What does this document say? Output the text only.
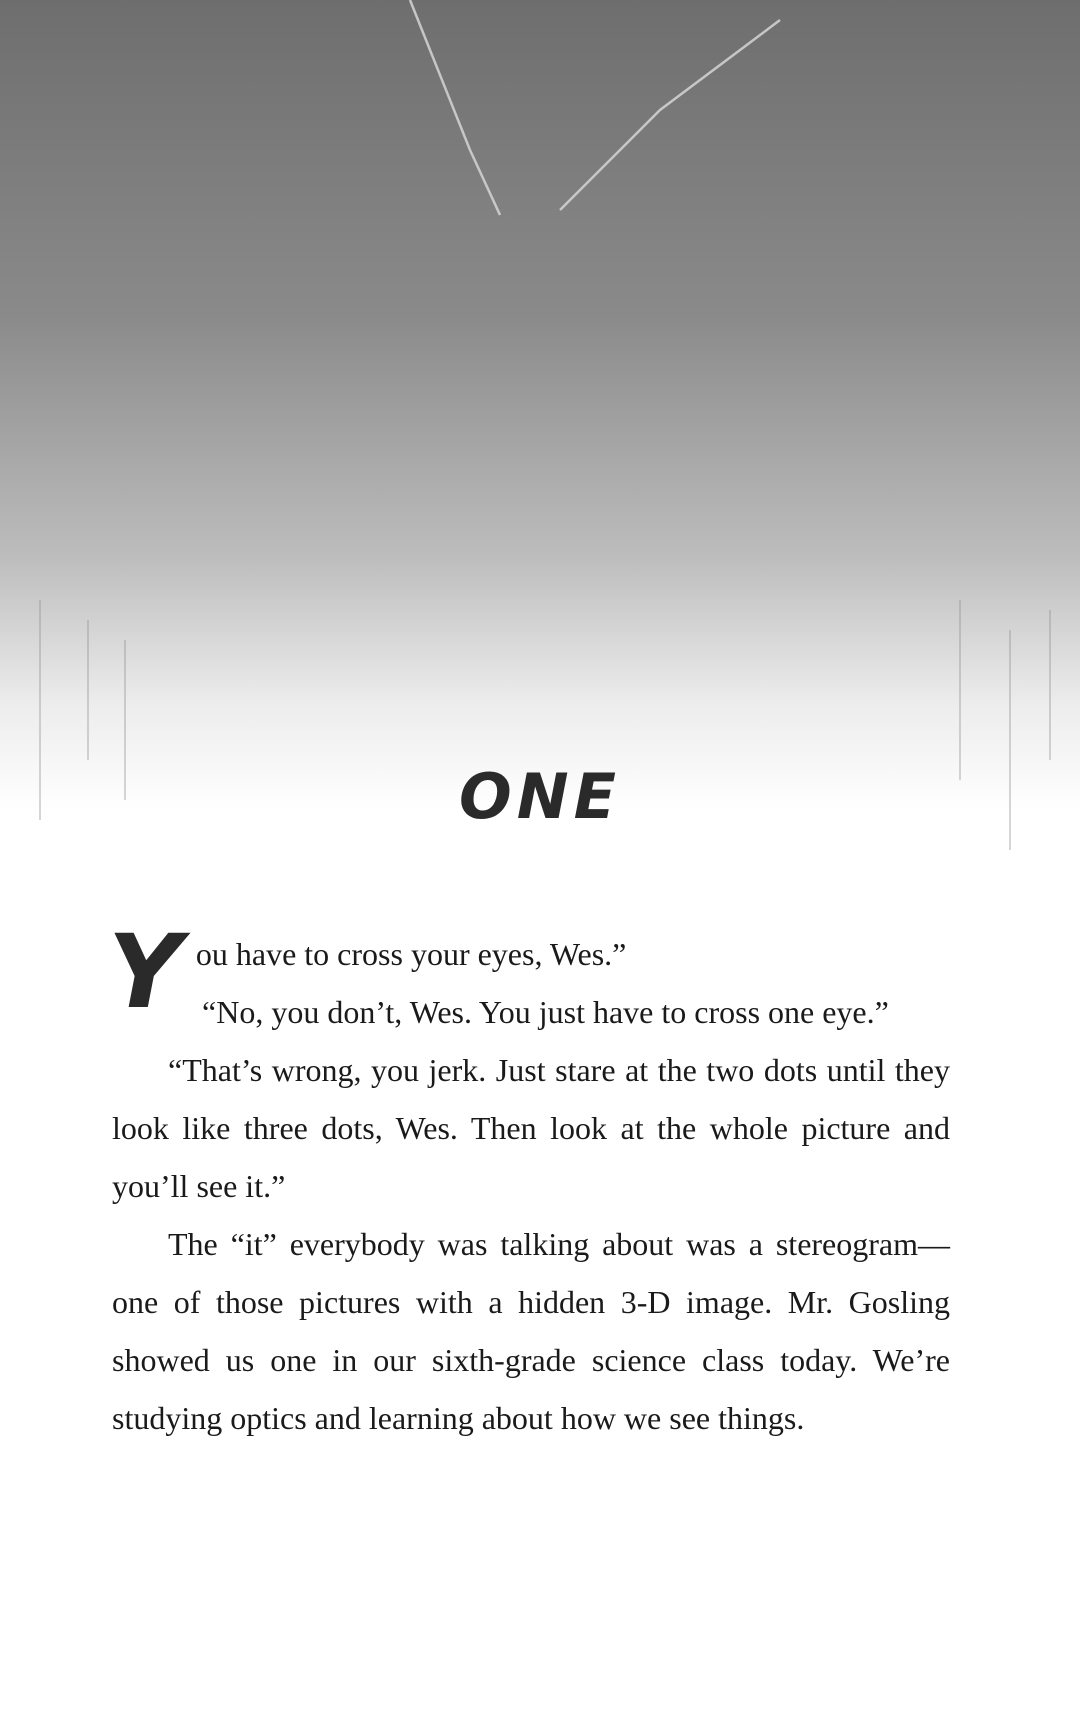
ONE

You have to cross your eyes, Wes.”

“No, you don’t, Wes. You just have to cross one eye.”

“That’s wrong, you jerk. Just stare at the two dots until they look like three dots, Wes. Then look at the whole picture and you’ll see it.”

The “it” everybody was talking about was a stereogram—one of those pictures with a hidden 3-D image. Mr. Gosling showed us one in our sixth-grade science class today. We’re studying optics and learning about how we see things.
